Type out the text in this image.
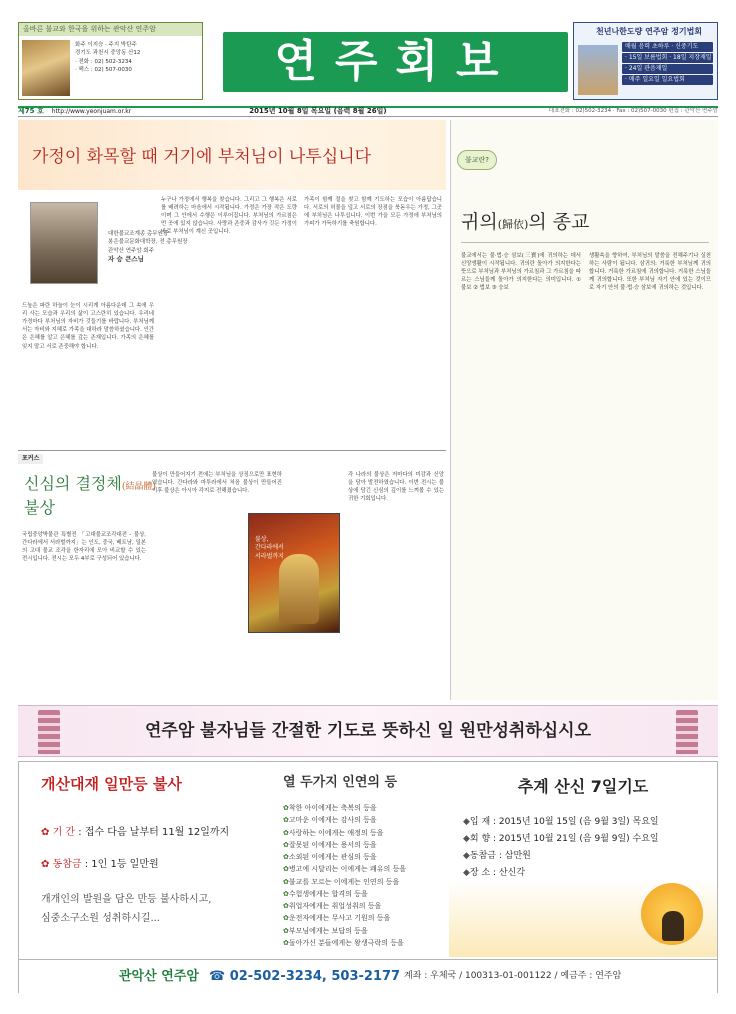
올바른 불교와 한국을 위하는 관악산 연주암
화주 이지승 · 주지 박탄주
경기도 과천시 중앙동 산12
· 전화 : 02) 502-3234
· 팩스 : 02) 507-0030	연주회보
천년나한도량 연주암 정기법회
매월 음력 초하루 · 신중기도
· 15일 보름법회 · 18일 지장재일
· 24일 관음재일
· 매주 일요일 일요법회
제75 호 http://www.yeonjuam.or.kr	2015년 10월 8일 목요일 (음력 8월 26일)	대표전화 : 02)502-3234 · Fax : 02)507-0030 편집 : 관악산 연주암
가정이 화목할 때 거기에 부처님이 나투십니다
대한불교조계종 총무원장
봉은불교문화대학장, 전 총무원장
관악산 연주암 회주
자 승 큰스님

드높은 파란 하늘이 눈이 시리게 아름다운데 그 속에 우리 사는 모습과 우리의 삶이 고스란히 있습니다. 우리네 가정마다 부처님의 자비가 깃들기를 바랍니다. 부처님께서는 자비와 지혜로 가족을 대하라 말씀하셨습니다. 인간은 은혜를 알고 은혜를 갚는 존재입니다. 가족의 은혜를 잊지 말고 서로 존중해야 합니다.

누구나 가정에서 행복을 찾습니다. 그리고 그 행복은 서로를 배려하는 마음에서 시작됩니다. 가정은 가장 작은 도량이며 그 안에서 수행은 이루어집니다. 부처님의 가르침은 먼 곳에 있지 않습니다. 사랑과 존중과 감사가 깃든 가정이 바로 부처님이 계신 곳입니다.

가족이 함께 절을 찾고 함께 기도하는 모습이 아름답습니다. 서로의 허물을 덮고 서로의 장점을 북돋우는 가정, 그곳에 부처님은 나투십니다. 이번 가을 모든 가정에 부처님의 가피가 가득하기를 축원합니다.

불교란?
귀의(歸依)의 종교

불교에서는 불·법·승 삼보(三寶)에 귀의하는 데서 신앙생활이 시작됩니다. 귀의란 돌아가 의지한다는 뜻으로 부처님과 부처님의 가르침과 그 가르침을 따르는 스님들께 돌아가 의지한다는 의미입니다. ① 불보 ② 법보 ③ 승보

생활속을 향하여, 부처님의 말씀을 전해주기나 실천하는 사람이 됩니다. 삼귀의: 거룩한 부처님께 귀의합니다. 거룩한 가르침에 귀의합니다. 거룩한 스님들께 귀의합니다. 또한 부처님 자기 안에 있는 것이므로 자기 안의 불·법·승 삼보에 귀의하는 것입니다.

포커스
신심의 결정체(結晶體)
불상

국립중앙박물관 특별전 「고대불교조각대전 - 불상, 간다라에서 서라벌까지」는 인도, 중국, 베트남, 일본의 고대 불교 조각을 한자리에 모아 비교할 수 있는 전시입니다. 전시는 모두 4부로 구성되어 있습니다.

불상이 만들어지기 전에는 부처님을 상징으로만 표현하였습니다. 간다라와 마투라에서 처음 불상이 만들어진 이후 불상은 아시아 각지로 전해졌습니다.

각 나라의 불상은 저마다의 미감과 신앙을 담아 발전하였습니다. 이번 전시는 불상에 담긴 신심의 깊이를 느껴볼 수 있는 귀한 기회입니다.

불상,
간다라에서
서라벌까지
연주암 불자님들 간절한 기도로 뜻하신 일 원만성취하십시오
개산대재 일만등 불사
✿ 기 간 : 접수 다음 날부터 11월 12일까지
✿ 동참금 : 1인 1등 일만원
개개인의 발원을 담은 만등 불사하시고,
심중소구소원 성취하시길...
열 두가지 인연의 등
✿ 착한 아이에게는 축복의 등을
✿ 고마운 이에게는 감사의 등을
✿ 사랑하는 이에게는 애정의 등을
✿ 잘못된 이에게는 용서의 등을
✿ 소외된 이에게는 관심의 등을
✿ 병고에 시달리는 이에게는 쾌유의 등을
✿ 불교를 모르는 이에게는 인연의 등을
✿ 수험생에게는 합격의 등을
✿ 취업자에게는 취업성취의 등을
✿ 운전자에게는 무사고 기원의 등을
✿ 부모님에게는 보답의 등을
✿ 돌아가신 분들에게는 왕생극락의 등을
추계 산신 7일기도
◆ 입 재 : 2015년 10월 15일 (음 9월 3일) 목요일
◆ 회 향 : 2015년 10월 21일 (음 9월 9일) 수요일
◆ 동참금 : 삼만원
◆ 장 소 : 산신각
관악산 연주암 ☎ 02-502-3234, 503-2177 계좌 : 우체국 / 100313-01-001122 / 예금주 : 연주암
